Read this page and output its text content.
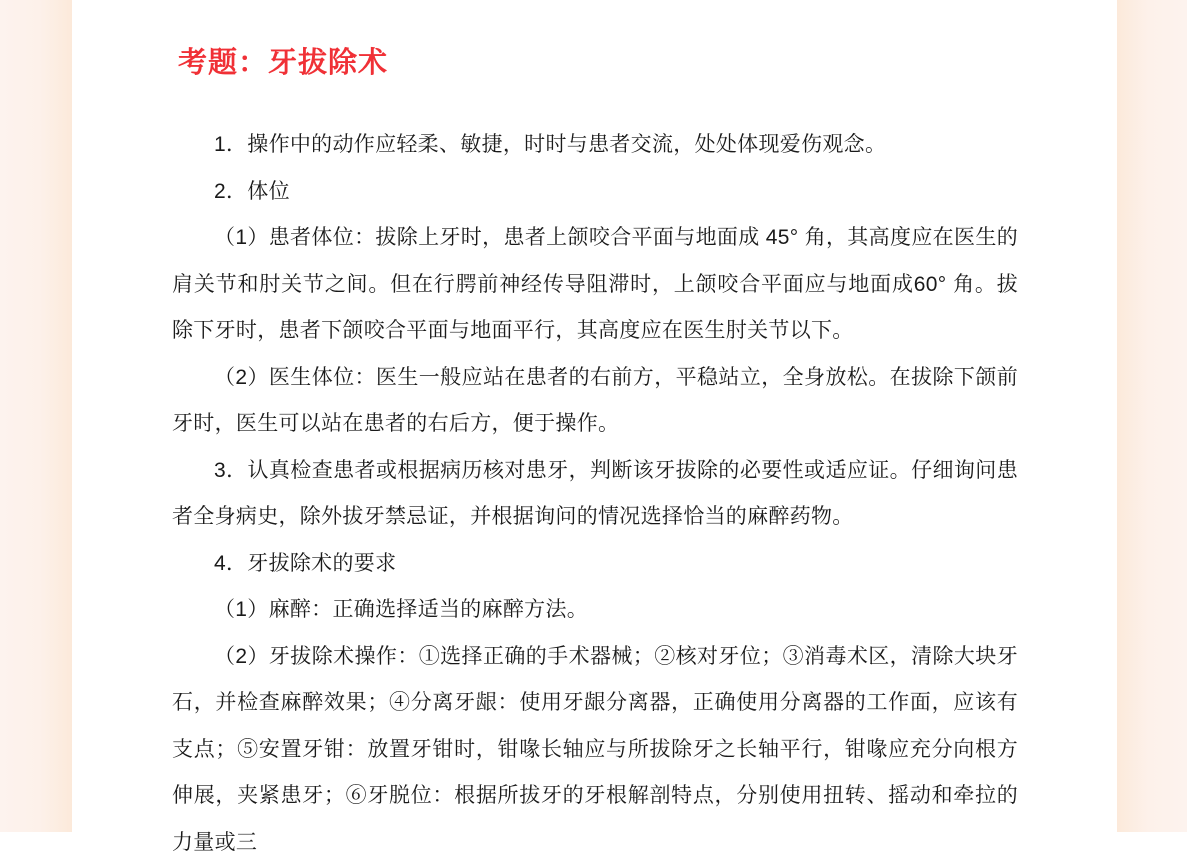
考题：牙拔除术

1．操作中的动作应轻柔、敏捷，时时与患者交流，处处体现爱伤观念。

2．体位

（1）患者体位：拔除上牙时，患者上颌咬合平面与地面成 45° 角，其高度应在医生的肩关节和肘关节之间。但在行腭前神经传导阻滞时，上颌咬合平面应与地面成60° 角。拔除下牙时，患者下颌咬合平面与地面平行，其高度应在医生肘关节以下。

（2）医生体位：医生一般应站在患者的右前方，平稳站立，全身放松。在拔除下颌前牙时，医生可以站在患者的右后方，便于操作。

3．认真检查患者或根据病历核对患牙，判断该牙拔除的必要性或适应证。仔细询问患者全身病史，除外拔牙禁忌证，并根据询问的情况选择恰当的麻醉药物。

4．牙拔除术的要求

（1）麻醉：正确选择适当的麻醉方法。

（2）牙拔除术操作：①选择正确的手术器械；②核对牙位；③消毒术区，清除大块牙石，并检查麻醉效果；④分离牙龈：使用牙龈分离器，正确使用分离器的工作面，应该有支点；⑤安置牙钳：放置牙钳时，钳喙长轴应与所拔除牙之长轴平行，钳喙应充分向根方伸展，夹紧患牙；⑥牙脱位：根据所拔牙的牙根解剖特点，分别使用扭转、摇动和牵拉的力量或三
